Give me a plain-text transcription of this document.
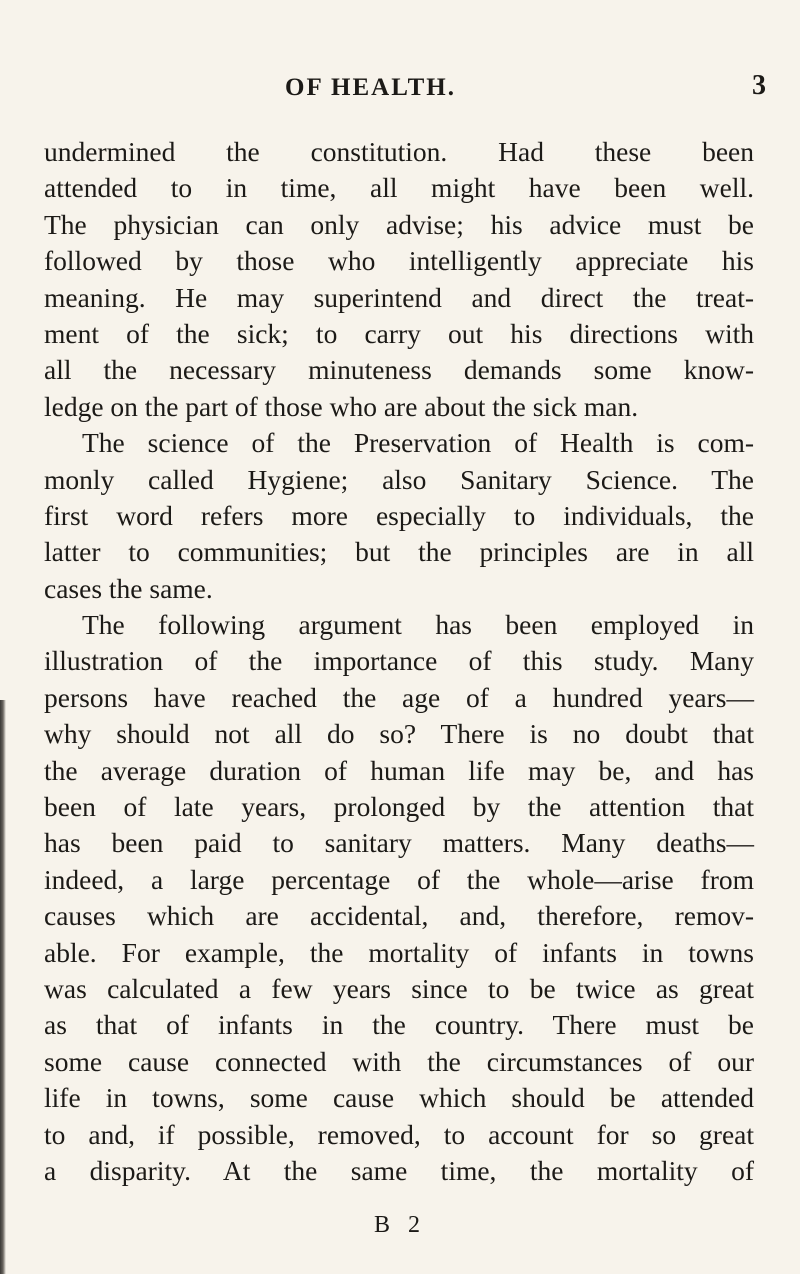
OF HEALTH.	3
undermined the constitution. Had these been
attended to in time, all might have been well.
The physician can only advise; his advice must be
followed by those who intelligently appreciate his
meaning. He may superintend and direct the treat-
ment of the sick; to carry out his directions with
all the necessary minuteness demands some know-
ledge on the part of those who are about the sick man.
The science of the Preservation of Health is com-
monly called Hygiene; also Sanitary Science. The
first word refers more especially to individuals, the
latter to communities; but the principles are in all
cases the same.
The following argument has been employed in
illustration of the importance of this study. Many
persons have reached the age of a hundred years—
why should not all do so? There is no doubt that
the average duration of human life may be, and has
been of late years, prolonged by the attention that
has been paid to sanitary matters. Many deaths—
indeed, a large percentage of the whole—arise from
causes which are accidental, and, therefore, remov-
able. For example, the mortality of infants in towns
was calculated a few years since to be twice as great
as that of infants in the country. There must be
some cause connected with the circumstances of our
life in towns, some cause which should be attended
to and, if possible, removed, to account for so great
a disparity. At the same time, the mortality of
B 2
